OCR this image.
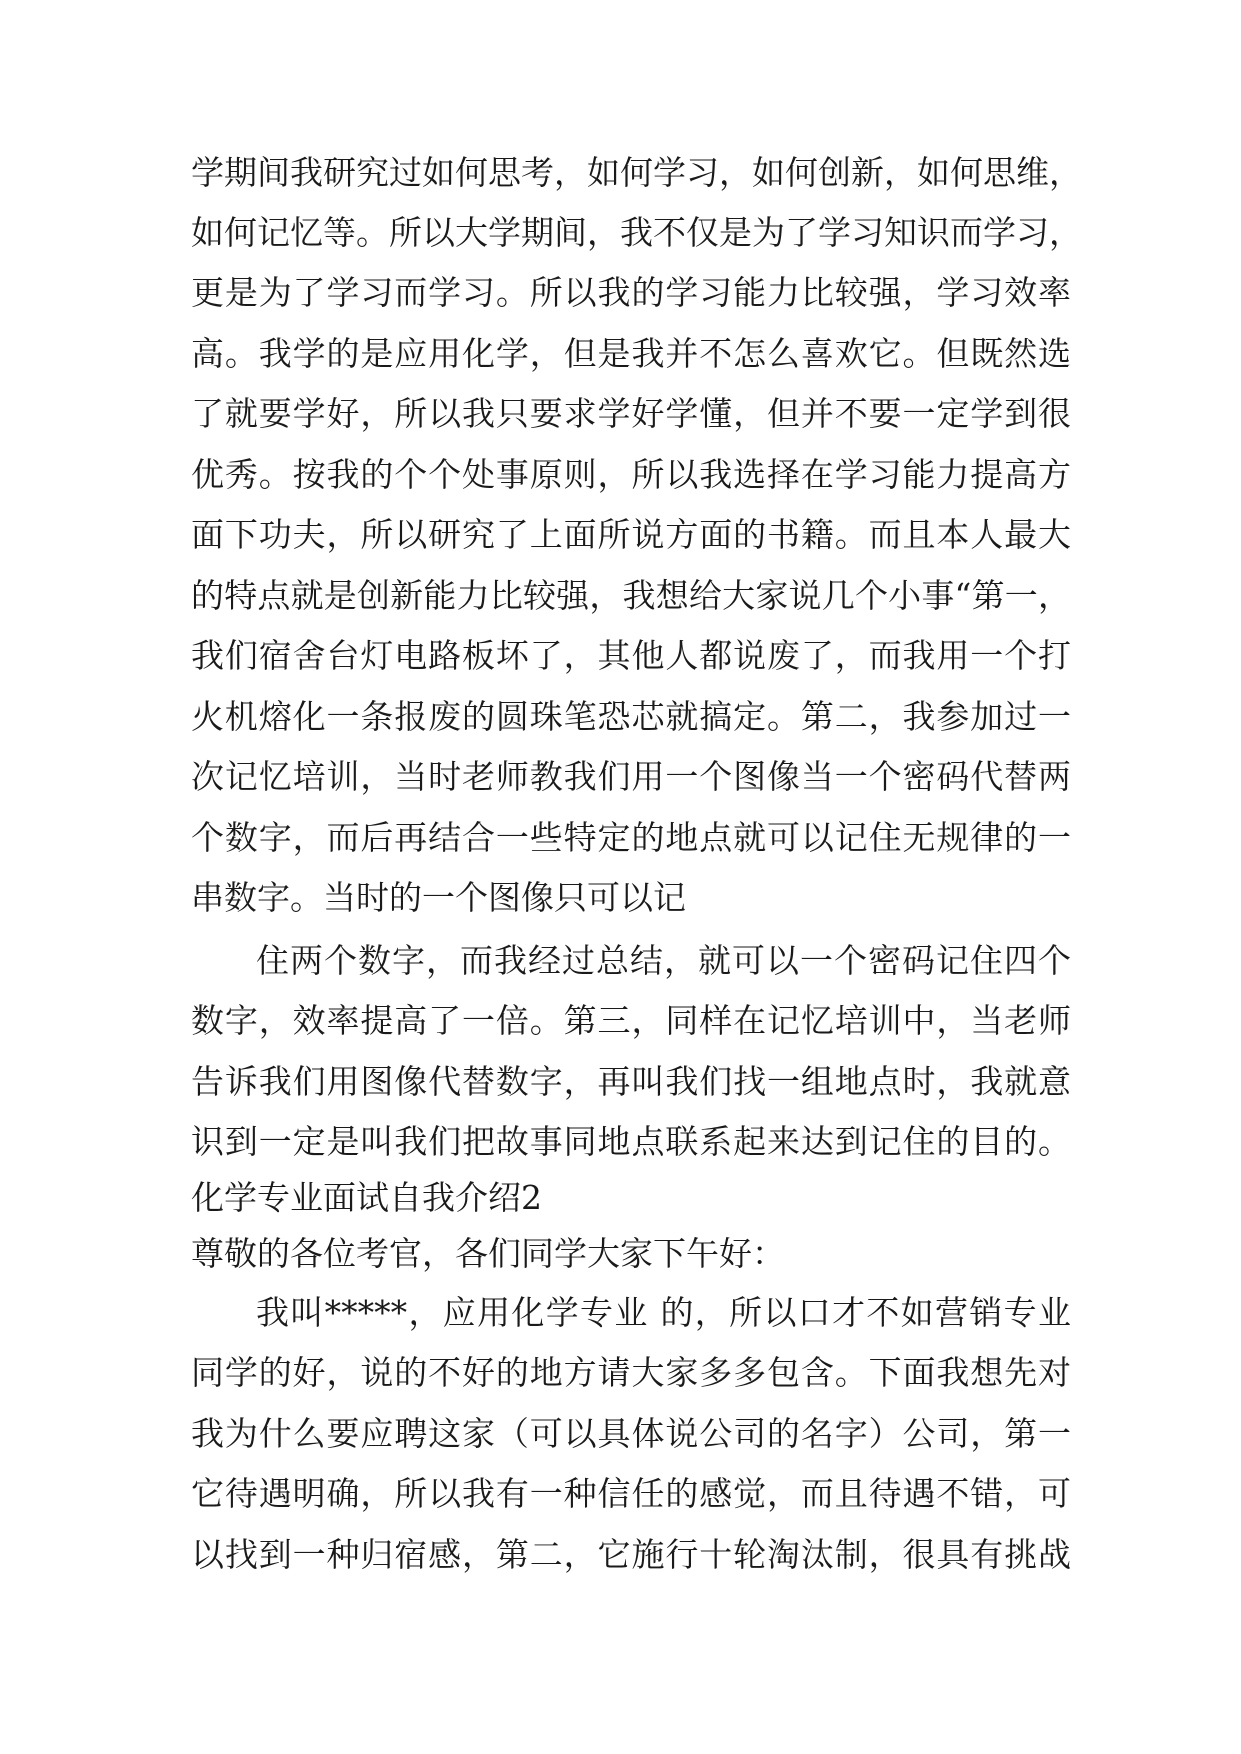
学期间我研究过如何思考，如何学习，如何创新，如何思维，
如何记忆等。所以大学期间，我不仅是为了学习知识而学习，
更是为了学习而学习。所以我的学习能力比较强，学习效率
高。我学的是应用化学，但是我并不怎么喜欢它。但既然选
了就要学好，所以我只要求学好学懂，但并不要一定学到很
优秀。按我的个个处事原则，所以我选择在学习能力提高方
面下功夫，所以研究了上面所说方面的书籍。而且本人最大
的特点就是创新能力比较强，我想给大家说几个小事“第一，
我们宿舍台灯电路板坏了，其他人都说废了，而我用一个打
火机熔化一条报废的圆珠笔恐芯就搞定。第二，我参加过一
次记忆培训，当时老师教我们用一个图像当一个密码代替两
个数字，而后再结合一些特定的地点就可以记住无规律的一
串数字。当时的一个图像只可以记
住两个数字，而我经过总结，就可以一个密码记住四个
数字，效率提高了一倍。第三，同样在记忆培训中，当老师
告诉我们用图像代替数字，再叫我们找一组地点时，我就意
识到一定是叫我们把故事同地点联系起来达到记住的目的。
化学专业面试自我介绍2
尊敬的各位考官，各们同学大家下午好：
我叫*****，应用化学专业 的，所以口才不如营销专业
同学的好，说的不好的地方请大家多多包含。下面我想先对
我为什么要应聘这家（可以具体说公司的名字）公司，第一
它待遇明确，所以我有一种信任的感觉，而且待遇不错，可
以找到一种归宿感，第二，它施行十轮淘汰制，很具有挑战
